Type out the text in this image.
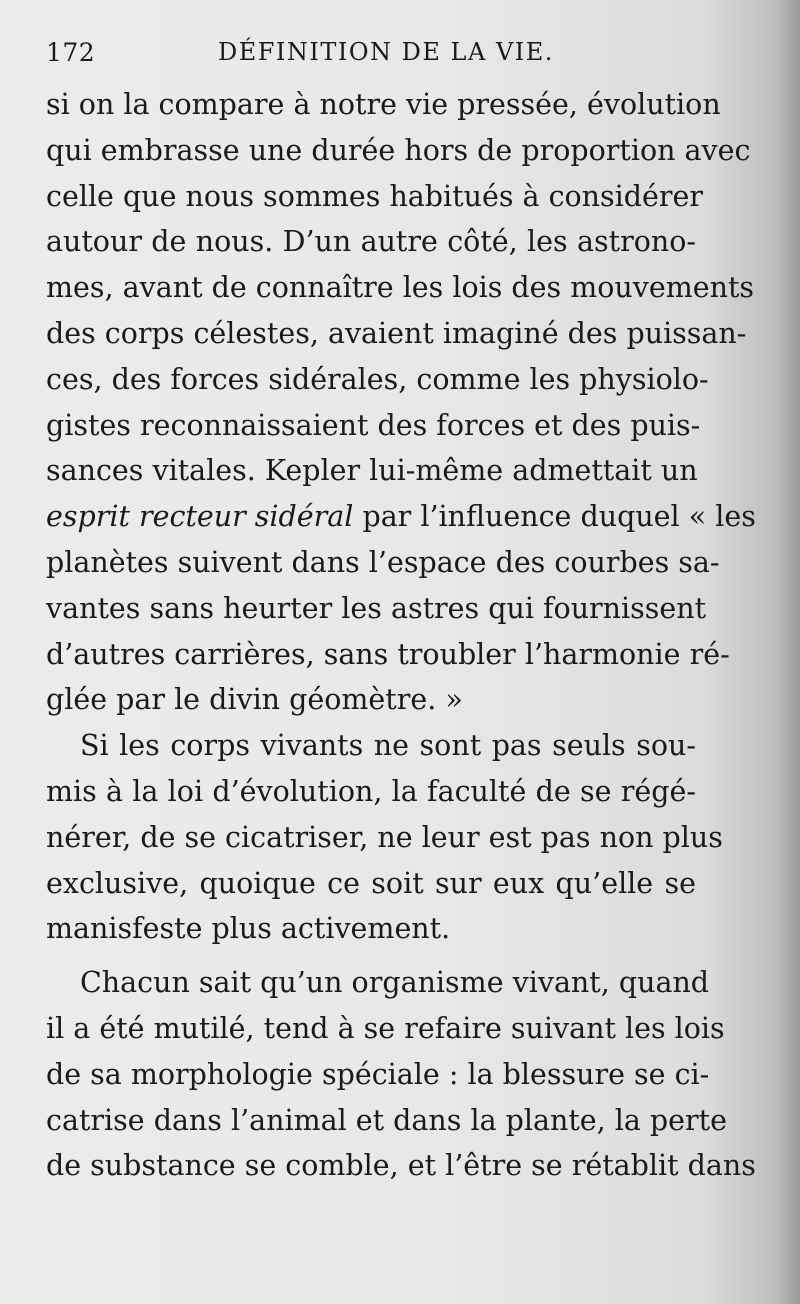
172	DÉFINITION DE LA VIE.
si on la compare à notre vie pressée, évolution
qui embrasse une durée hors de proportion avec
celle que nous sommes habitués à considérer
autour de nous. D’un autre côté, les astrono-
mes, avant de connaître les lois des mouvements
des corps célestes, avaient imaginé des puissan-
ces, des forces sidérales, comme les physiolo-
gistes reconnaissaient des forces et des puis-
sances vitales. Kepler lui-même admettait un
esprit recteur sidéral par l’influence duquel « les
planètes suivent dans l’espace des courbes sa-
vantes sans heurter les astres qui fournissent
d’autres carrières, sans troubler l’harmonie ré-
glée par le divin géomètre. »
Si les corps vivants ne sont pas seuls sou-
mis à la loi d’évolution, la faculté de se régé-
nérer, de se cicatriser, ne leur est pas non plus
exclusive, quoique ce soit sur eux qu’elle se
manisfeste plus activement.
Chacun sait qu’un organisme vivant, quand
il a été mutilé, tend à se refaire suivant les lois
de sa morphologie spéciale : la blessure se ci-
catrise dans l’animal et dans la plante, la perte
de substance se comble, et l’être se rétablit dans
